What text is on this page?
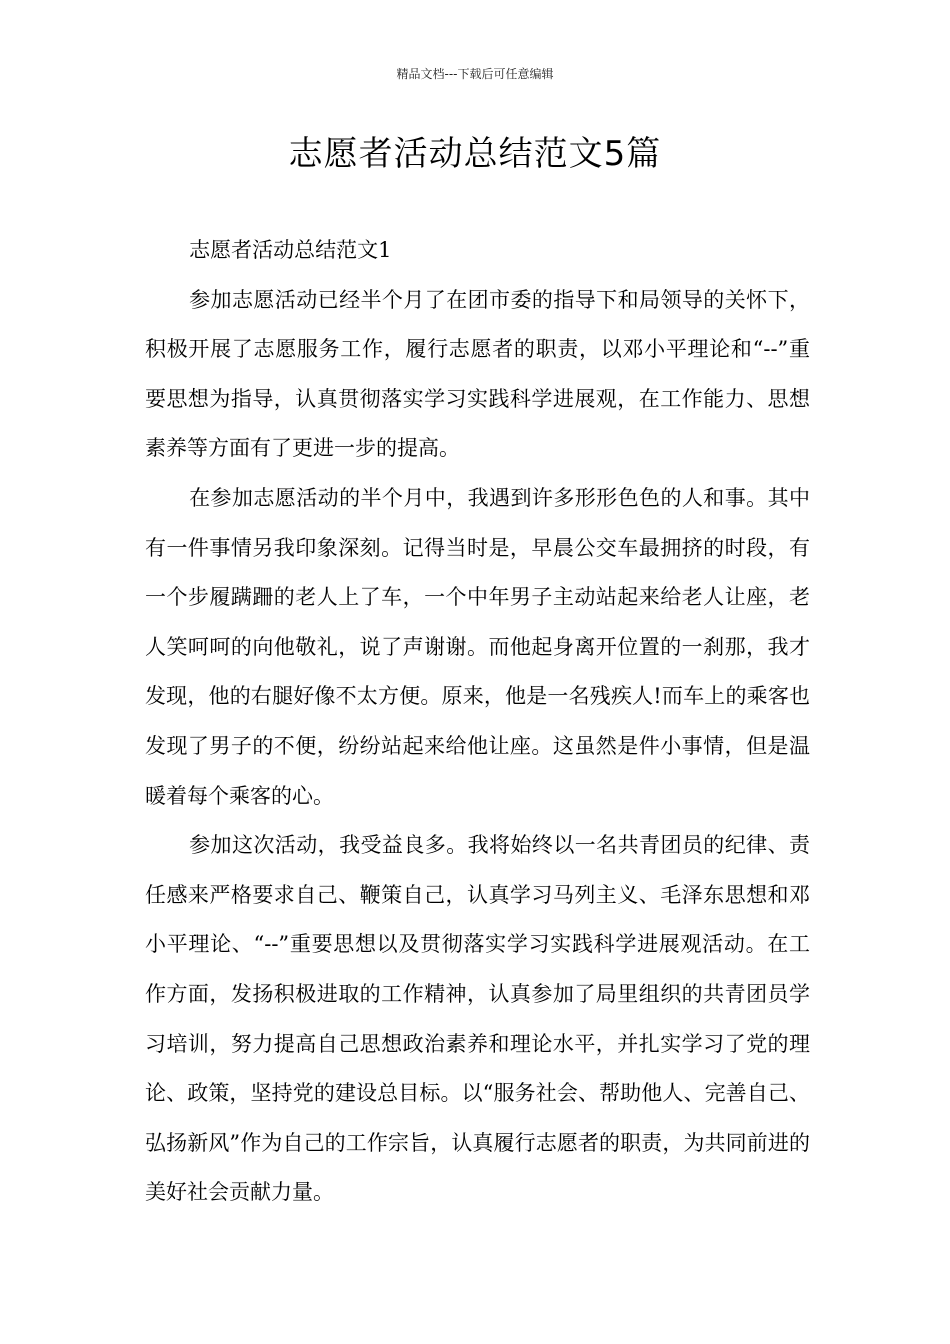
精品文档---下载后可任意编辑
志愿者活动总结范文5篇

志愿者活动总结范文1

参加志愿活动已经半个月了在团市委的指导下和局领导的关怀下，积极开展了志愿服务工作，履行志愿者的职责，以邓小平理论和“--”重要思想为指导，认真贯彻落实学习实践科学进展观，在工作能力、思想素养等方面有了更进一步的提高。

在参加志愿活动的半个月中，我遇到许多形形色色的人和事。其中有一件事情另我印象深刻。记得当时是，早晨公交车最拥挤的时段，有一个步履蹒跚的老人上了车，一个中年男子主动站起来给老人让座，老人笑呵呵的向他敬礼，说了声谢谢。而他起身离开位置的一刹那，我才发现，他的右腿好像不太方便。原来，他是一名残疾人!而车上的乘客也发现了男子的不便，纷纷站起来给他让座。这虽然是件小事情，但是温暖着每个乘客的心。

参加这次活动，我受益良多。我将始终以一名共青团员的纪律、责任感来严格要求自己、鞭策自己，认真学习马列主义、毛泽东思想和邓小平理论、“--”重要思想以及贯彻落实学习实践科学进展观活动。在工作方面，发扬积极进取的工作精神，认真参加了局里组织的共青团员学习培训，努力提高自己思想政治素养和理论水平，并扎实学习了党的理论、政策，坚持党的建设总目标。以“服务社会、帮助他人、完善自己、弘扬新风”作为自己的工作宗旨，认真履行志愿者的职责，为共同前进的美好社会贡献力量。
